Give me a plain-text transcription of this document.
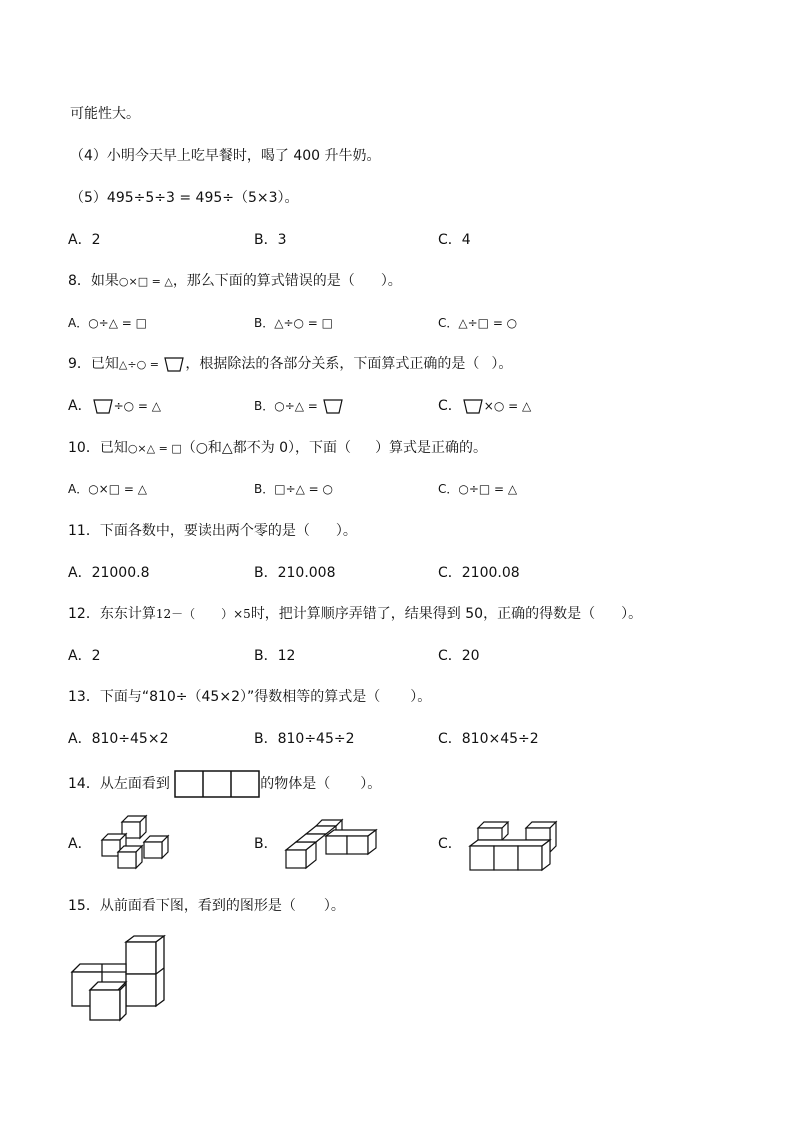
可能性大。
（4）小明今天早上吃早餐时，喝了 400 升牛奶。
（5）495÷5÷3 = 495÷（5×3）。
A．2	B．3	C．4
8．如果○×□ = △，那么下面的算式错误的是（ ）。
A．○÷△ = □	B．△÷○ = □	C．△÷□ = ○
9．已知△÷○ = ，根据除法的各部分关系，下面算式正确的是（ ）。
A． ÷○ = △	B．○÷△ =	C． ×○ = △
10．已知○×△ = □（○和△都不为 0），下面（ ）算式是正确的。
A．○×□ = △	B．□÷△ = ○	C．○÷□ = △
11．下面各数中，要读出两个零的是（ ）。
A．21000.8	B．210.008	C．2100.08
12．东东计算12－（ ）×5时，把计算顺序弄错了，结果得到 50，正确的得数是（ ）。
A．2	B．12	C．20
13．下面与“810÷（45×2）”得数相等的算式是（ ）。
A．810÷45×2	B．810÷45÷2	C．810×45÷2
14．从左面看到	的物体是（ ）。
A．	B．	C．
15．从前面看下图，看到的图形是（ ）。
